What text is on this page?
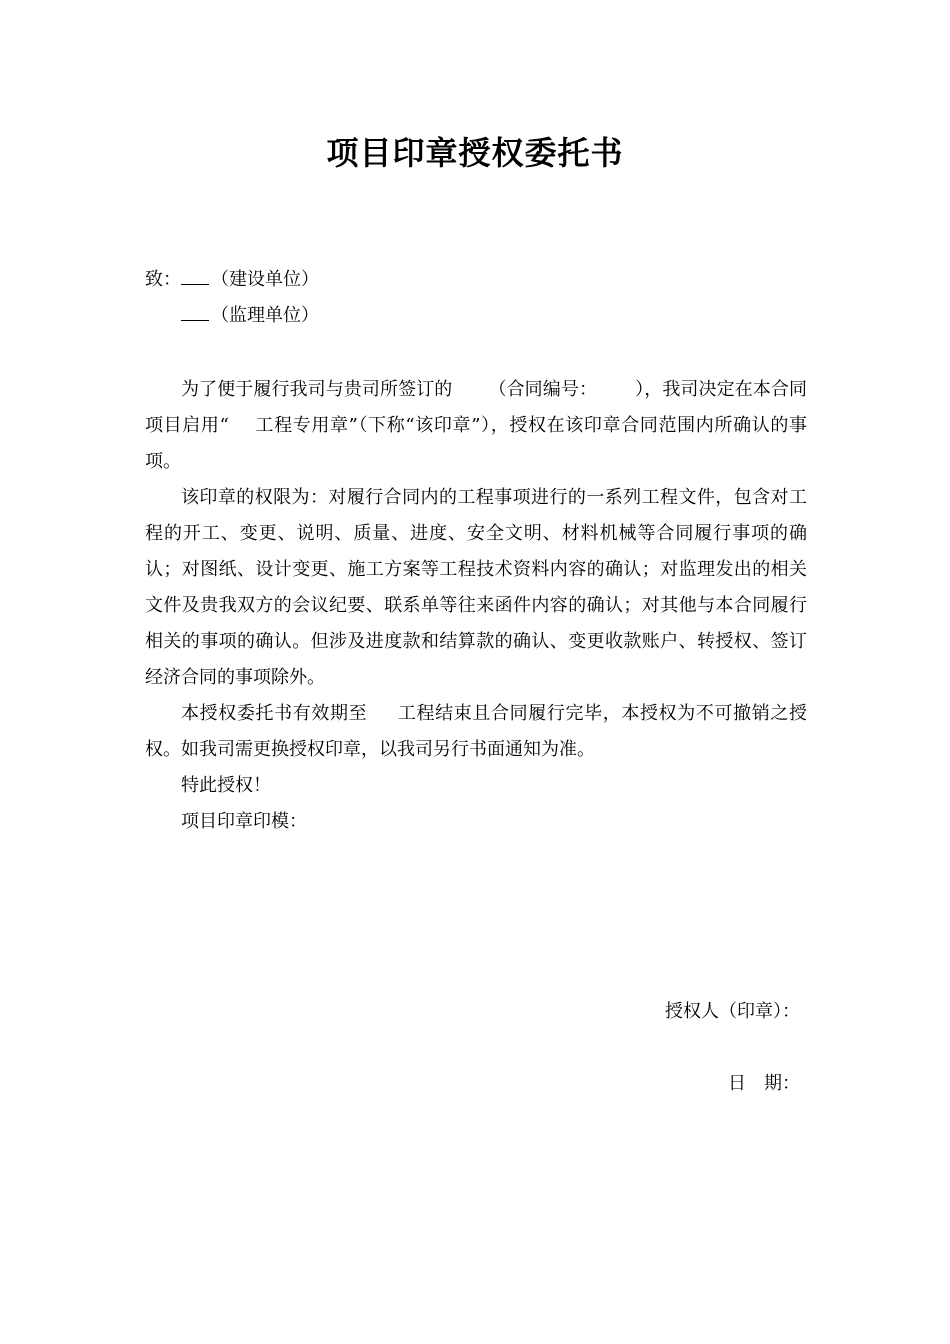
项目印章授权委托书
致： （建设单位）
（监理单位）

为了便于履行我司与贵司所签订的 （合同编号： ），我司决定在本合同项目启用“ 工程专用章”（下称“该印章”），授权在该印章合同范围内所确认的事项。

该印章的权限为：对履行合同内的工程事项进行的一系列工程文件，包含对工程的开工、变更、说明、质量、进度、安全文明、材料机械等合同履行事项的确认；对图纸、设计变更、施工方案等工程技术资料内容的确认；对监理发出的相关文件及贵我双方的会议纪要、联系单等往来函件内容的确认；对其他与本合同履行相关的事项的确认。但涉及进度款和结算款的确认、变更收款账户、转授权、签订经济合同的事项除外。

本授权委托书有效期至 工程结束且合同履行完毕，本授权为不可撤销之授权。如我司需更换授权印章，以我司另行书面通知为准。

特此授权！

项目印章印模：

授权人（印章）：
日　期：
